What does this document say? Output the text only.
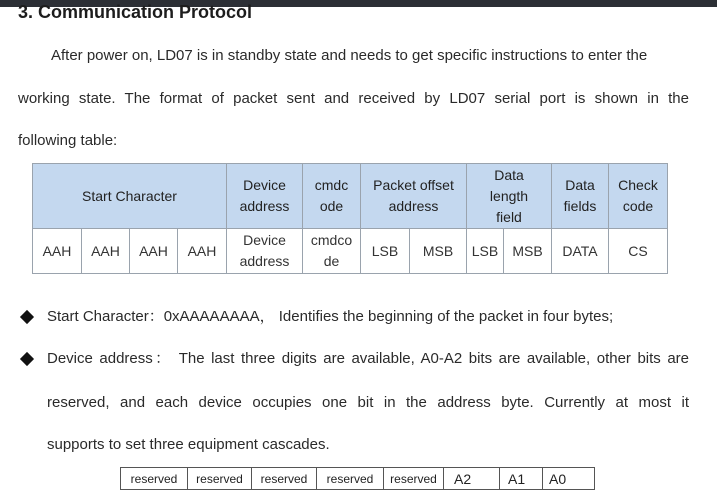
3. Communication Protocol
After power on, LD07 is in standby state and needs to get specific instructions to enter the
working state. The format of packet sent and received by LD07 serial port is shown in the
following table:
Start Character				Device address	cmdc ode	Packet offset address		Data length field		Data fields	Check code

AAH	AAH	AAH	AAH	Device address	cmdco de	LSB	MSB	LSB	MSB	DATA	CS
Start Character：0xAAAAAAAA， Identifies the beginning of the packet in four bytes;
Device address： The last three digits are available, A0-A2 bits are available, other bits are
reserved, and each device occupies one bit in the address byte. Currently at most it
supports to set three equipment cascades.
reserved	reserved	reserved	reserved	reserved	A2	A1	A0
